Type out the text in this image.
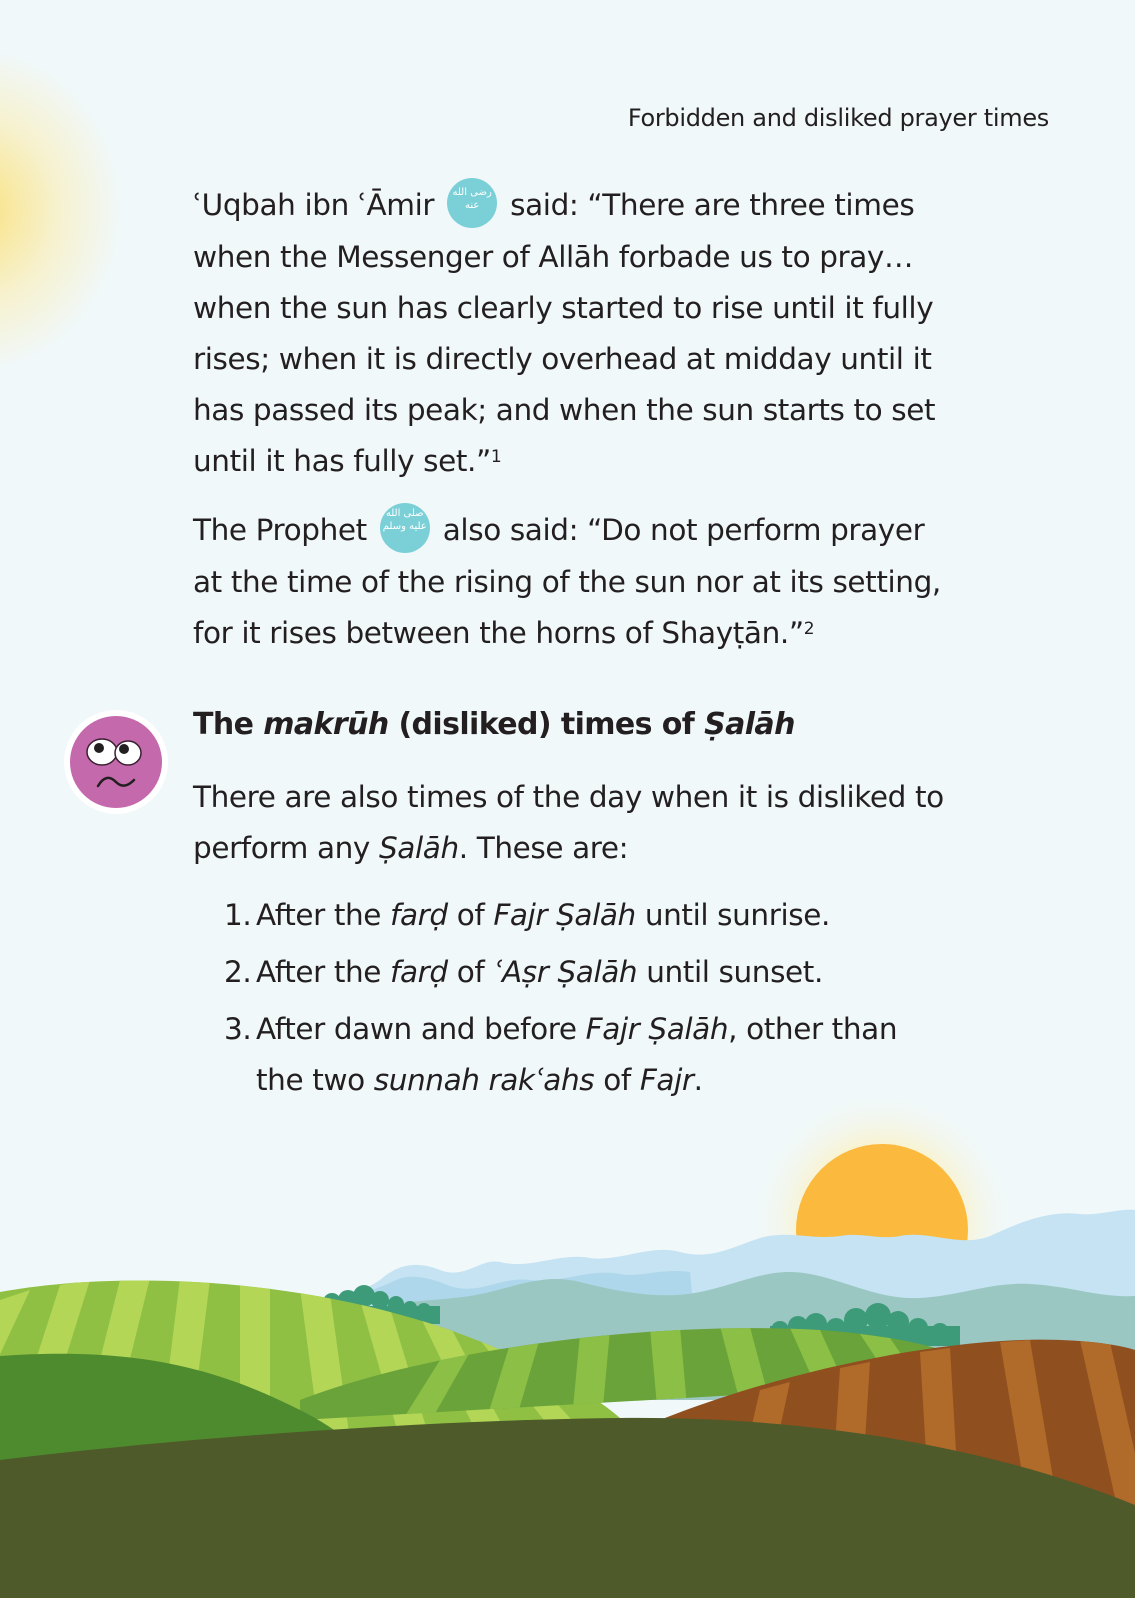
Forbidden and disliked prayer times

ʿUqbah ibn ʿĀmir رضی الله عنه said: “There are three times when the Messenger of Allāh forbade us to pray… when the sun has clearly started to rise until it fully rises; when it is directly overhead at midday until it has passed its peak; and when the sun starts to set until it has fully set.”$^1$

The Prophet صلى الله عليه وسلم also said: “Do not perform prayer at the time of the rising of the sun nor at its setting, for it rises between the horns of Shayṭān.”$^2$

The makrūh (disliked) times of Ṣalāh

There are also times of the day when it is disliked to perform any Ṣalāh. These are:

1. After the farḍ of Fajr Ṣalāh until sunrise.
2. After the farḍ of ʿAṣr Ṣalāh until sunset.
3. After dawn and before Fajr Ṣalāh, other than the two sunnah rakʿahs of Fajr.
